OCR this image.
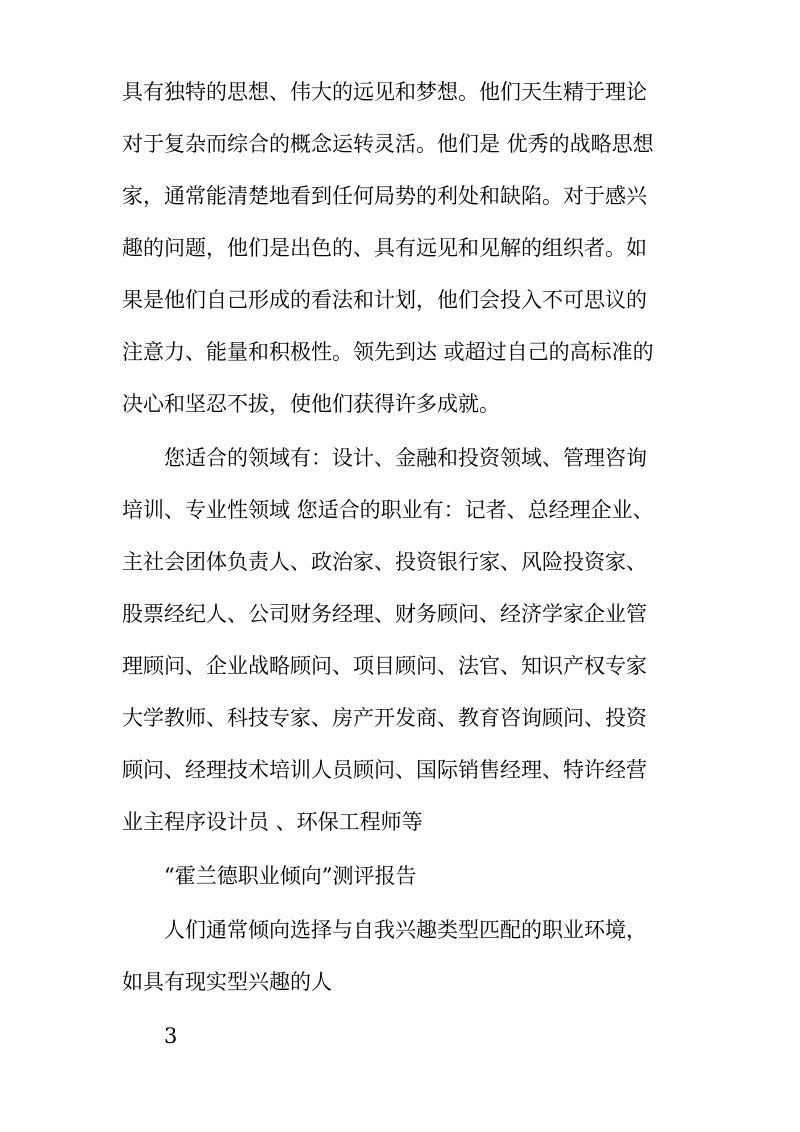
具有独特的思想、伟大的远见和梦想。他们天生精于理论
对于复杂而综合的概念运转灵活。他们是 优秀的战略思想
家，通常能清楚地看到任何局势的利处和缺陷。对于感兴
趣的问题，他们是出色的、具有远见和见解的组织者。如
果是他们自己形成的看法和计划，他们会投入不可思议的
注意力、能量和积极性。领先到达 或超过自己的高标准的
决心和坚忍不拔，使他们获得许多成就。
您适合的领域有：设计、金融和投资领域、管理咨询
培训、专业性领域 您适合的职业有：记者、总经理企业、
主社会团体负责人、政治家、投资银行家、风险投资家、
股票经纪人、公司财务经理、财务顾问、经济学家企业管
理顾问、企业战略顾问、项目顾问、法官、知识产权专家
大学教师、科技专家、房产开发商、教育咨询顾问、投资
顾问、经理技术培训人员顾问、国际销售经理、特许经营
业主程序设计员 、环保工程师等
“霍兰德职业倾向”测评报告
人们通常倾向选择与自我兴趣类型匹配的职业环境，
如具有现实型兴趣的人
3
